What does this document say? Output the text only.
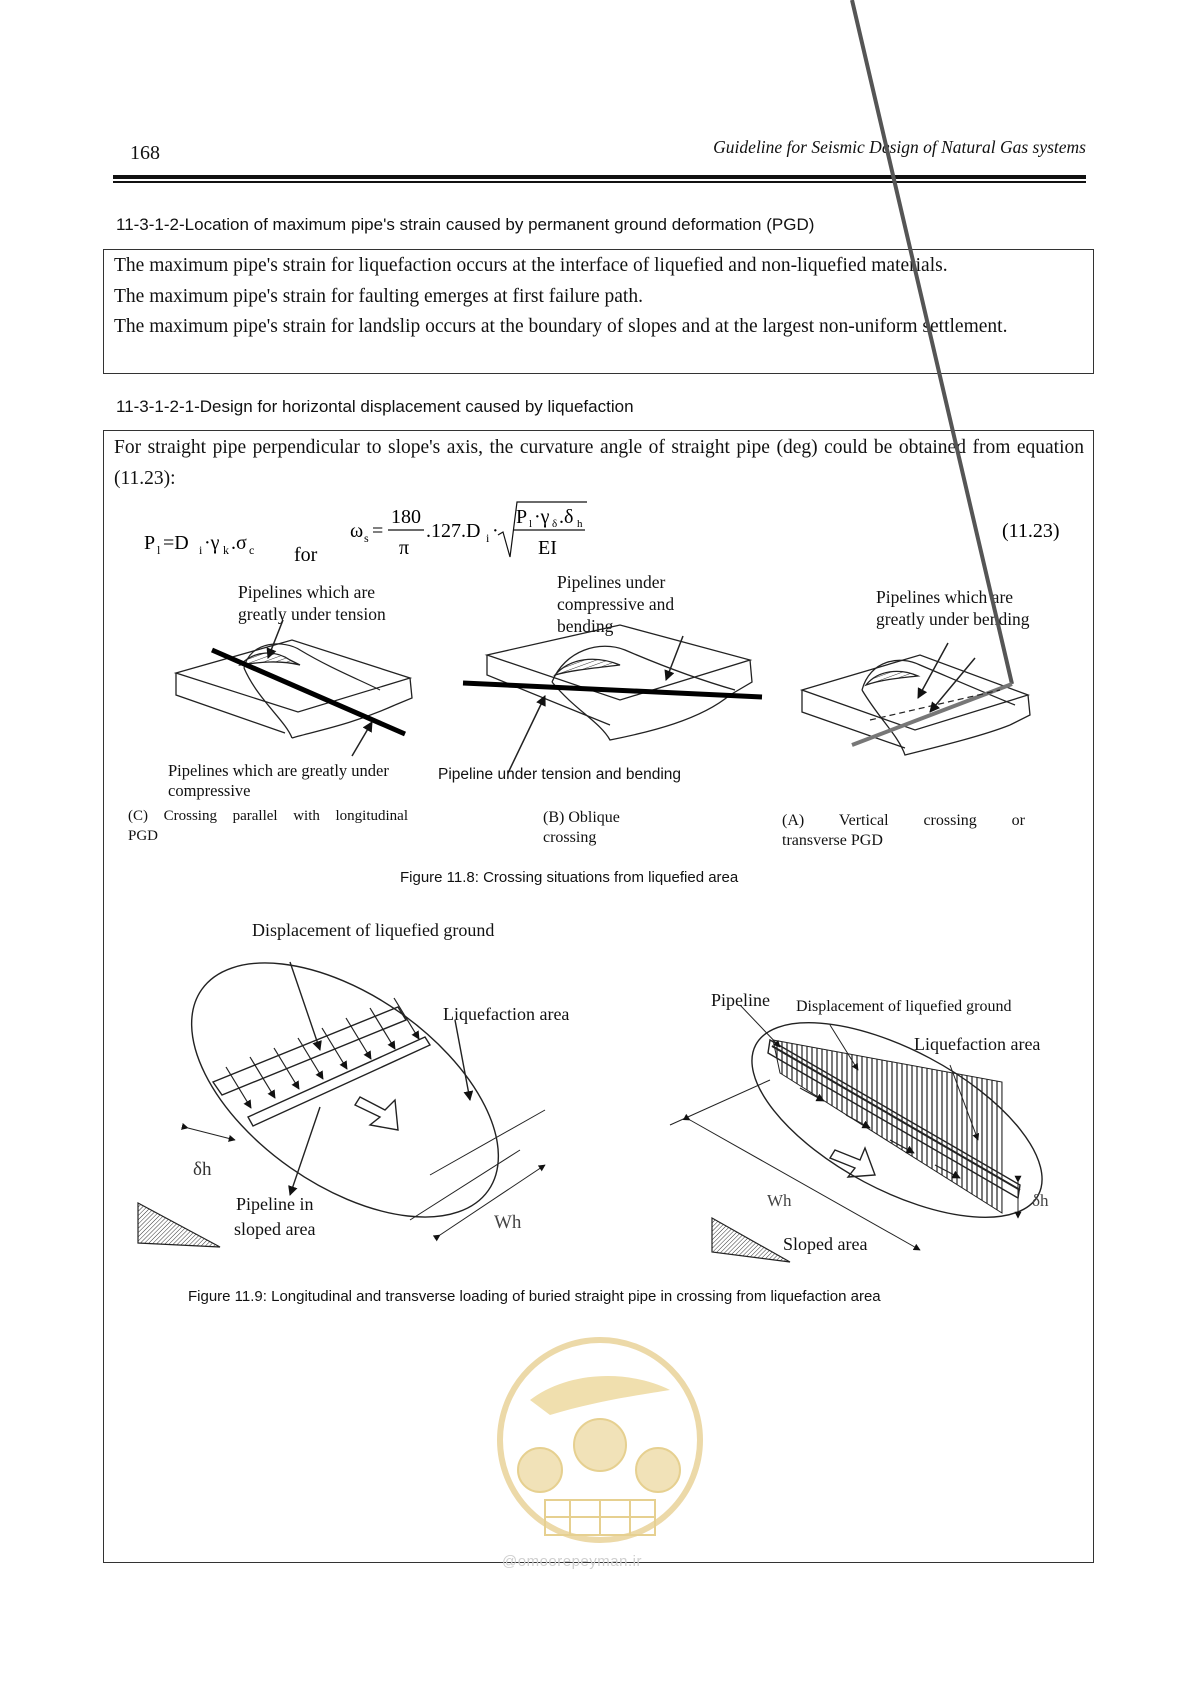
168	Guideline for Seismic Design of Natural Gas systems
11-3-1-2-Location of maximum pipe's strain caused by permanent ground deformation (PGD)
The maximum pipe's strain for liquefaction occurs at the interface of liquefied and non-liquefied materials.
The maximum pipe's strain for faulting emerges at first failure path.
The maximum pipe's strain for landslip occurs at the boundary of slopes and at the largest non-uniform settlement.
11-3-1-2-1-Design for horizontal displacement caused by liquefaction
For straight pipe perpendicular to slope's axis, the curvature angle of straight pipe (deg) could be obtained from equation (11.23):
P l =D i ·γ k .σ c for
ω s =
180
π
.127.D i ·
P l ·γ δ .δ h
EI
(11.23)
Pipelines which are
greatly under tension
Pipelines under
compressive and
bending
Pipelines which are
greatly under bending
Pipelines which are greatly under
compressive
Pipeline under tension and bending
(C) Crossing parallel with longitudinal
PGD
(B) Oblique
crossing
(A) Vertical crossing or
transverse PGD
Figure 11.8: Crossing situations from liquefied area
Displacement of liquefied ground
Liquefaction area
Pipeline Displacement of liquefied ground
Liquefaction area
δh
Pipeline in
sloped area	Wh
Wh	δh
Sloped area
Figure 11.9: Longitudinal and transverse loading of buried straight pipe in crossing from liquefaction area
@omoorepeyman.ir
